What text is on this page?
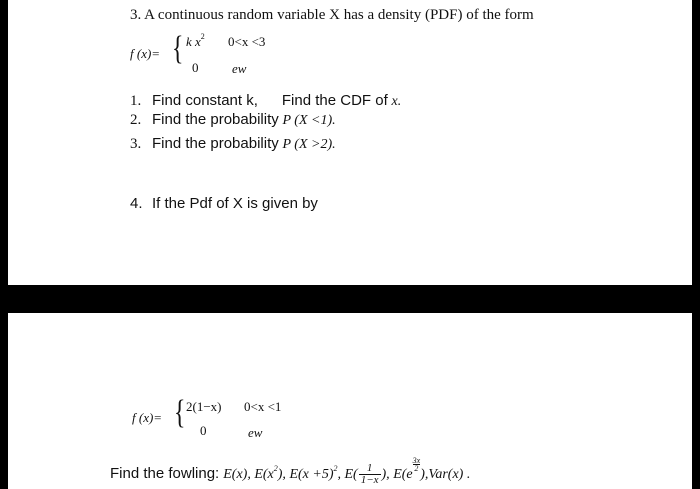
3. A continuous random variable X has a density (PDF) of the form
f (x)= { k $x^2$ 0<x <3
0	ew
1. Find constant k, Find the CDF of x.
2. Find the probability P (X <1).
3. Find the probability P (X >2).
4. If the Pdf of X is given by
f (x)= { 2(1−x) 0<x <1
0	ew
Find the fowling: E(x), $E(x^2)$, $E(x +5)^2$, $E( \frac{1}{1-x}$ ), E(e
$^{\frac{3x}{2}}$
),Var(x) .
